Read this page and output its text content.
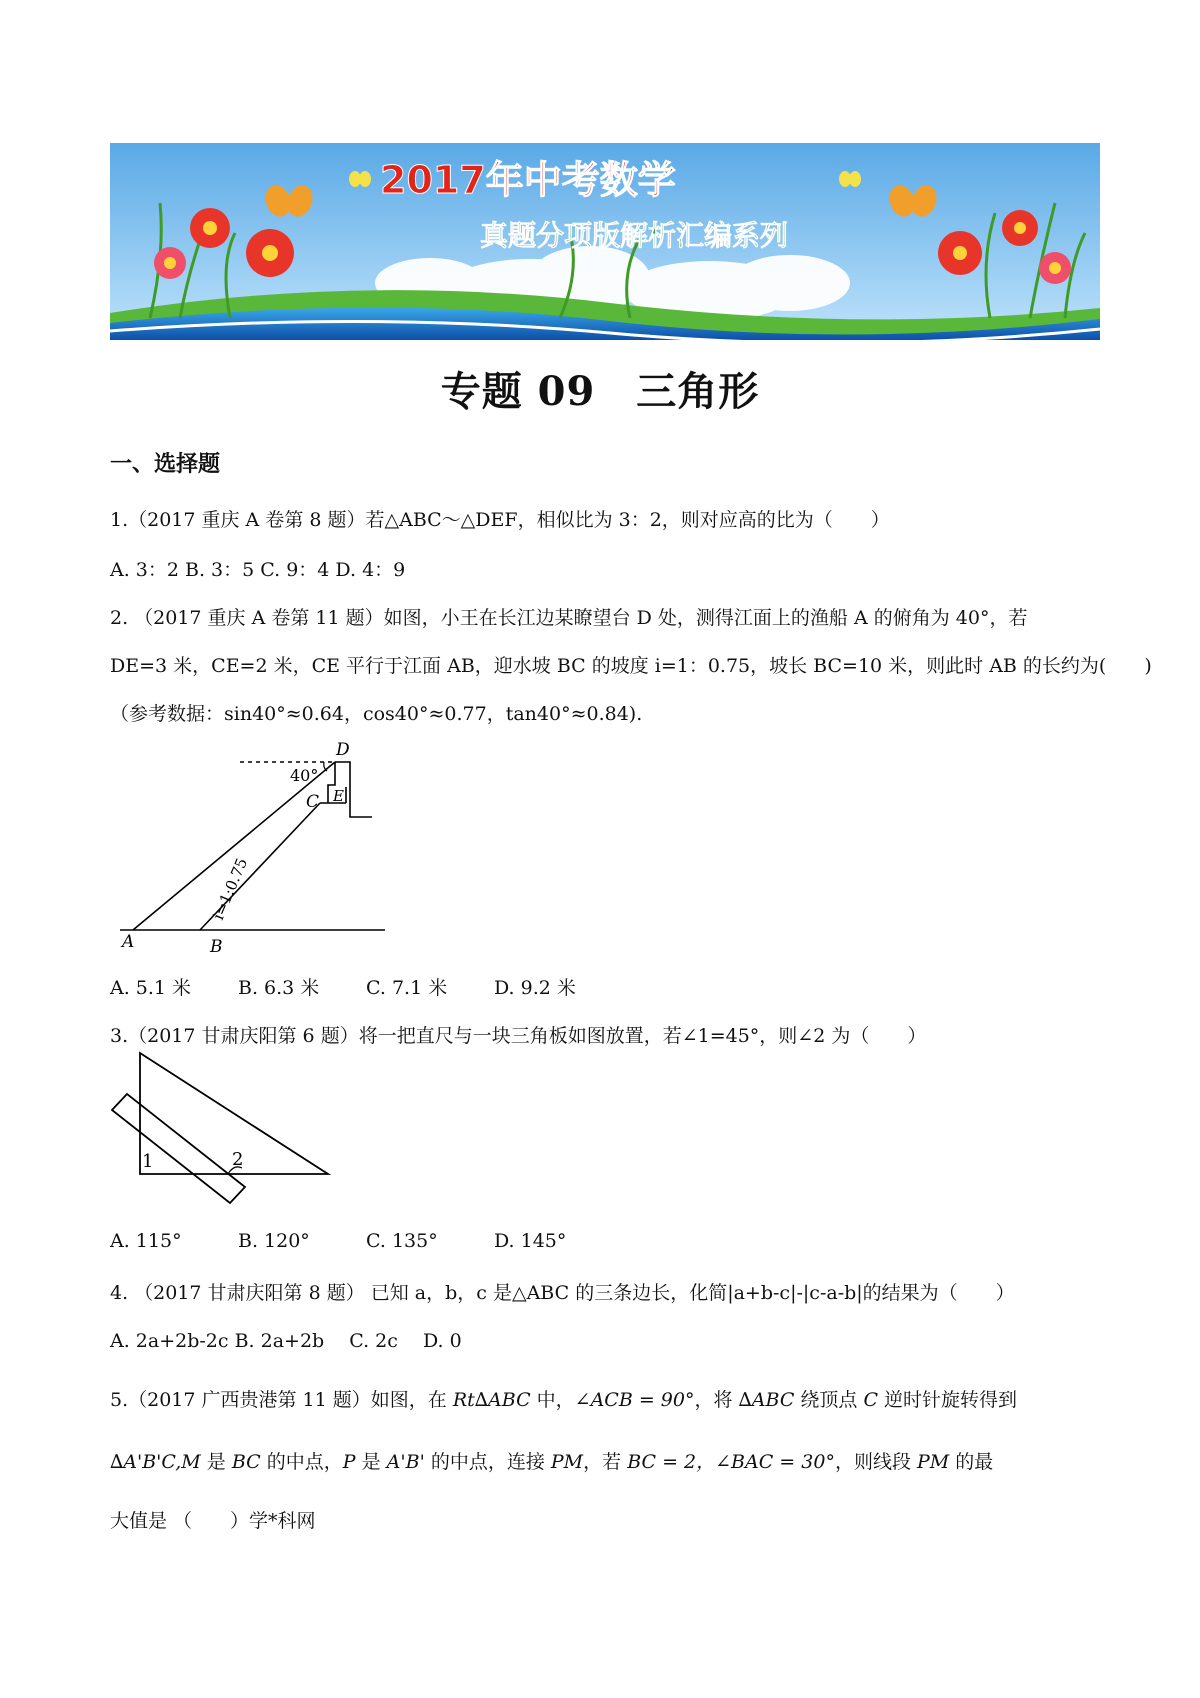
2017年中考数学
真题分项版解析汇编系列
专题 09　三角形
一、选择题
1.（2017 重庆 A 卷第 8 题）若△ABC～△DEF，相似比为 3：2，则对应高的比为（　　）
A. 3：2 B. 3：5 C. 9：4 D. 4：9
2. （2017 重庆 A 卷第 11 题）如图，小王在长江边某瞭望台 D 处，测得江面上的渔船 A 的俯角为 40°，若
DE=3 米，CE=2 米，CE 平行于江面 AB，迎水坡 BC 的坡度 i=1：0.75，坡长 BC=10 米，则此时 AB 的长约为(　　)
（参考数据：sin40°≈0.64，cos40°≈0.77，tan40°≈0.84).
D
40°
C E
A	B
i=1:0.75
A. 5.1 米 B. 6.3 米 C. 7.1 米 D. 9.2 米
3.（2017 甘肃庆阳第 6 题）将一把直尺与一块三角板如图放置，若∠1=45°，则∠2 为（　　）
1	2
A. 115°	B. 120°	C. 135°	D. 145°
4. （2017 甘肃庆阳第 8 题） 已知 a，b，c 是△ABC 的三条边长，化简|a+b-c|-|c-a-b|的结果为（　　）
A. 2a+2b-2c B. 2a+2b　 C. 2c　 D. 0
5.（2017 广西贵港第 11 题）如图，在 Rt∆ABC 中，∠ACB = 90°，将 ∆ABC 绕顶点 C 逆时针旋转得到
∆A'B'C,M 是 BC 的中点，P 是 A'B' 的中点，连接 PM，若 BC = 2，∠BAC = 30°，则线段 PM 的最
大值是 （　　）学*科网
